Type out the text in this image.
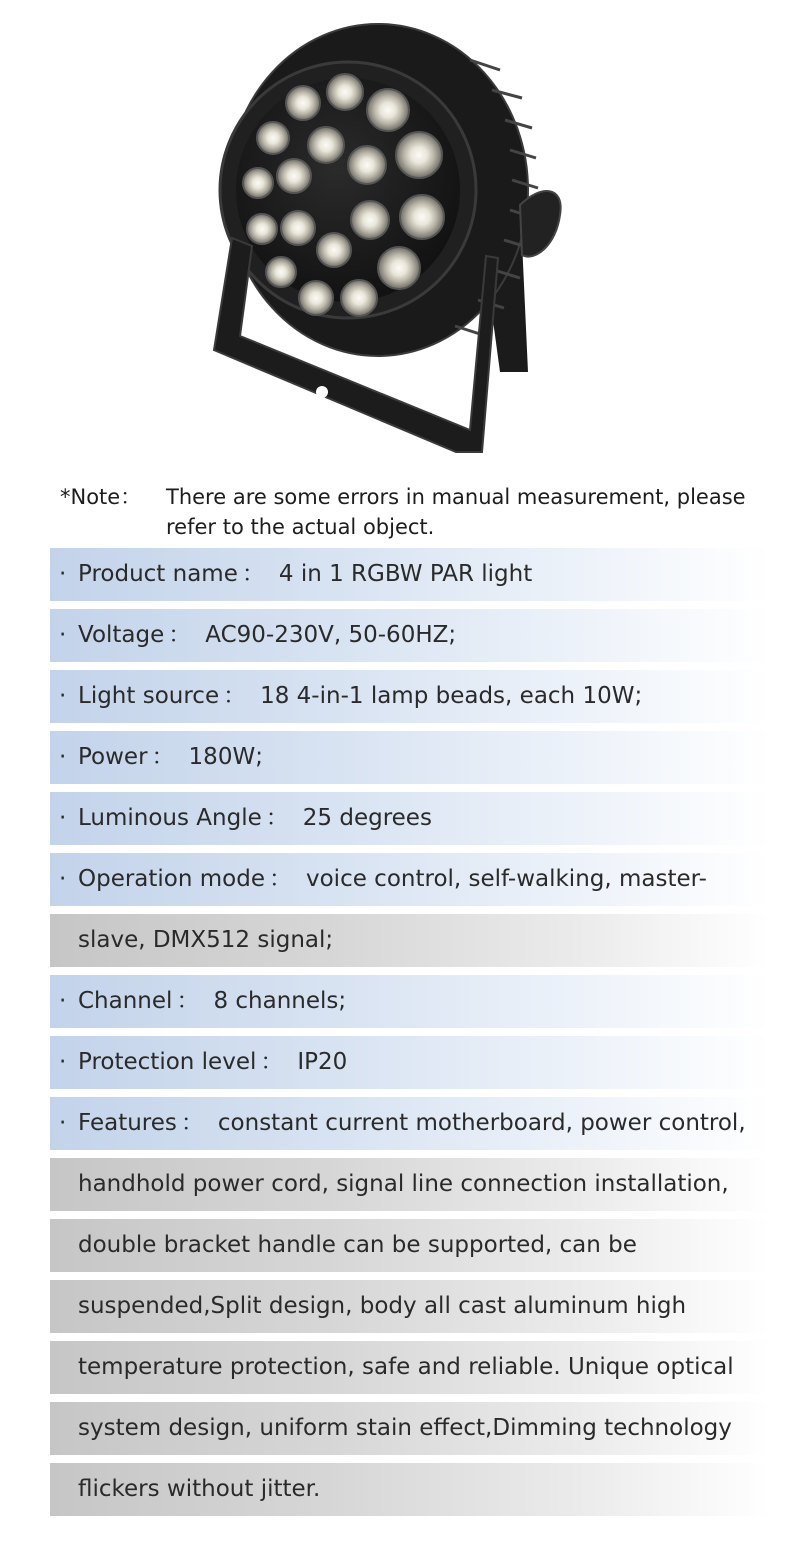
*Note： There are some errors in manual measurement, please refer to the actual object.
· Product name ： 4 in 1 RGBW PAR light
· Voltage ： AC90-230V, 50-60HZ;
· Light source ： 18 4-in-1 lamp beads, each 10W;
· Power ： 180W;
· Luminous Angle ： 25 degrees
· Operation mode ： voice control, self-walking, master-
slave, DMX512 signal;
· Channel ： 8 channels;
· Protection level ： IP20
· Features ： constant current motherboard, power control,
handhold power cord, signal line connection installation,
double bracket handle can be supported, can be
suspended,Split design, body all cast aluminum high
temperature protection, safe and reliable. Unique optical
system design, uniform stain effect,Dimming technology
flickers without jitter.
